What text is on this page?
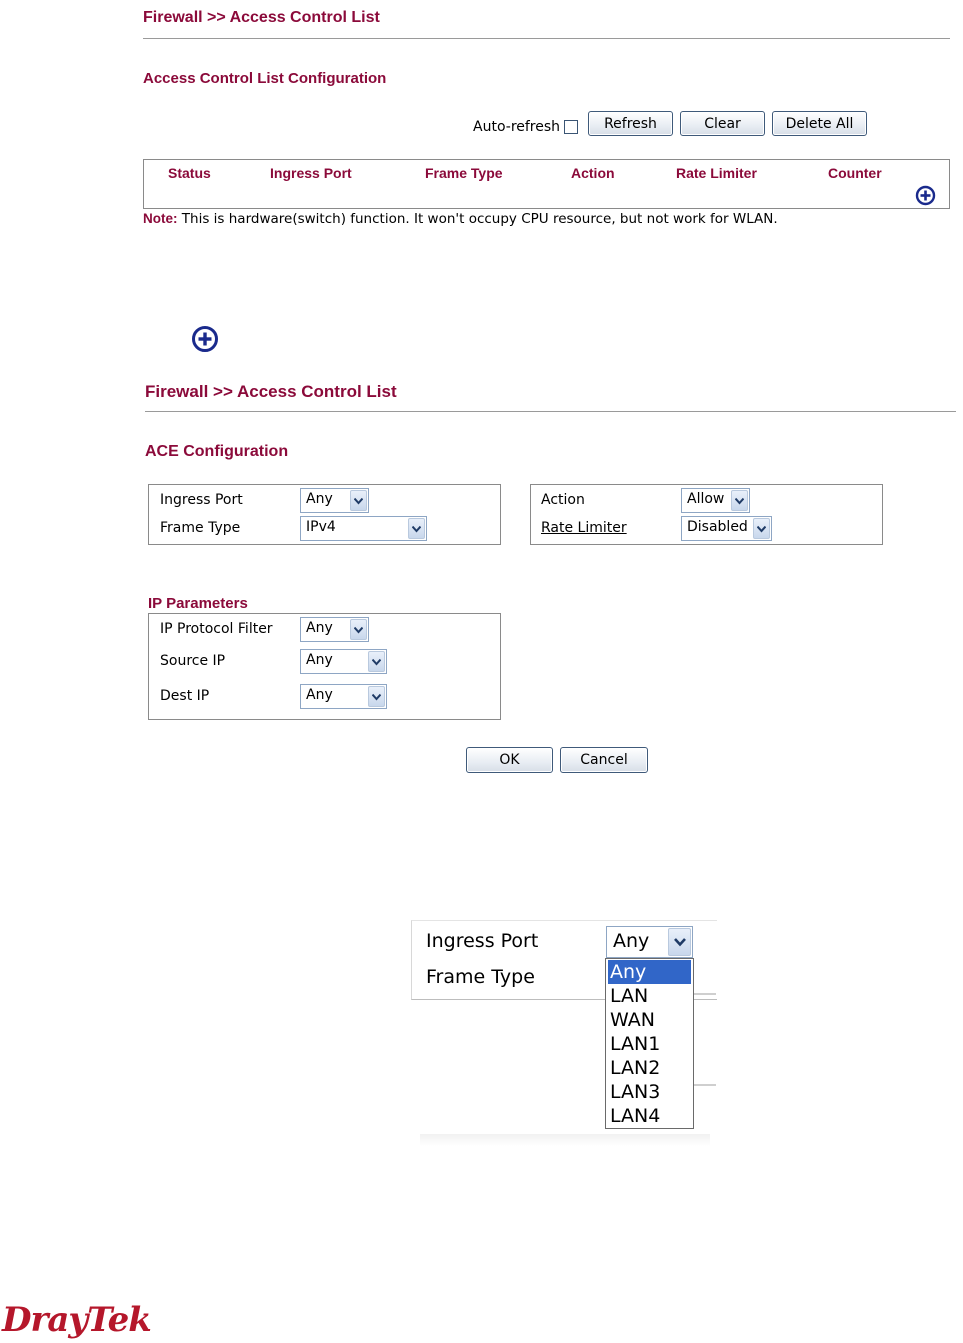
Firewall >> Access Control List
Access Control List Configuration
Auto-refresh	Refresh	Clear	Delete All
Status	Ingress Port	Frame Type	Action	Rate Limiter	Counter
Note: This is hardware(switch) function. It won't occupy CPU resource, but not work for WLAN.
Firewall >> Access Control List
ACE Configuration
Ingress Port	Any
Frame Type	IPv4
Action	Allow
Rate Limiter	Disabled
IP Parameters
IP Protocol Filter Any
Source IP	Any
Dest IP	Any
OK	Cancel
Ingress Port	Any
Frame Type	Any
LAN
WAN
LAN1
LAN2
LAN3
LAN4
DrayTek
